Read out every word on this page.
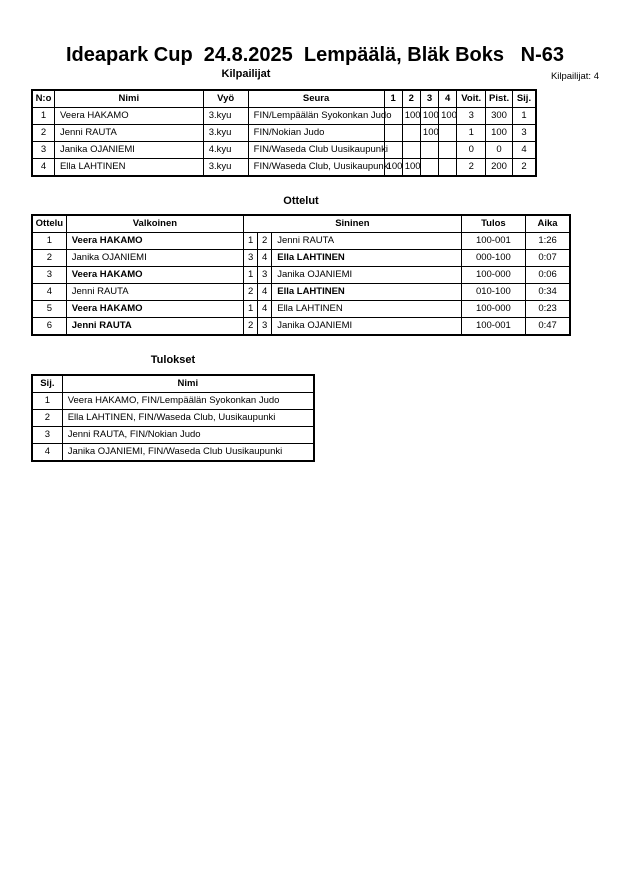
Ideapark Cup  24.8.2025  Lempäälä, Bläk Boks   N-63
Kilpailijat	Kilpailijat: 4
N:o	Nimi	Vyö	Seura	1	2	3	4	Voit.	Pist.	Sij.
1	Veera HAKAMO	3.kyu	FIN/Lempäälän Syokonkan Judo		100	100	100	3	300	1
2	Jenni RAUTA	3.kyu	FIN/Nokian Judo			100		1	100	3
3	Janika OJANIEMI	4.kyu	FIN/Waseda Club Uusikaupunki					0	0	4
4	Ella LAHTINEN	3.kyu	FIN/Waseda Club, Uusikaupunki	100	100			2	200	2
Ottelut
Ottelu	Valkoinen	Sininen			Tulos	Aika
1	Veera HAKAMO	1	2	Jenni RAUTA	100-001	1:26
2	Janika OJANIEMI	3	4	Ella LAHTINEN	000-100	0:07
3	Veera HAKAMO	1	3	Janika OJANIEMI	100-000	0:06
4	Jenni RAUTA	2	4	Ella LAHTINEN	010-100	0:34
5	Veera HAKAMO	1	4	Ella LAHTINEN	100-000	0:23
6	Jenni RAUTA	2	3	Janika OJANIEMI	100-001	0:47
Tulokset
Sij.	Nimi
1	Veera HAKAMO, FIN/Lempäälän Syokonkan Judo
2	Ella LAHTINEN, FIN/Waseda Club, Uusikaupunki
3	Jenni RAUTA, FIN/Nokian Judo
4	Janika OJANIEMI, FIN/Waseda Club Uusikaupunki
